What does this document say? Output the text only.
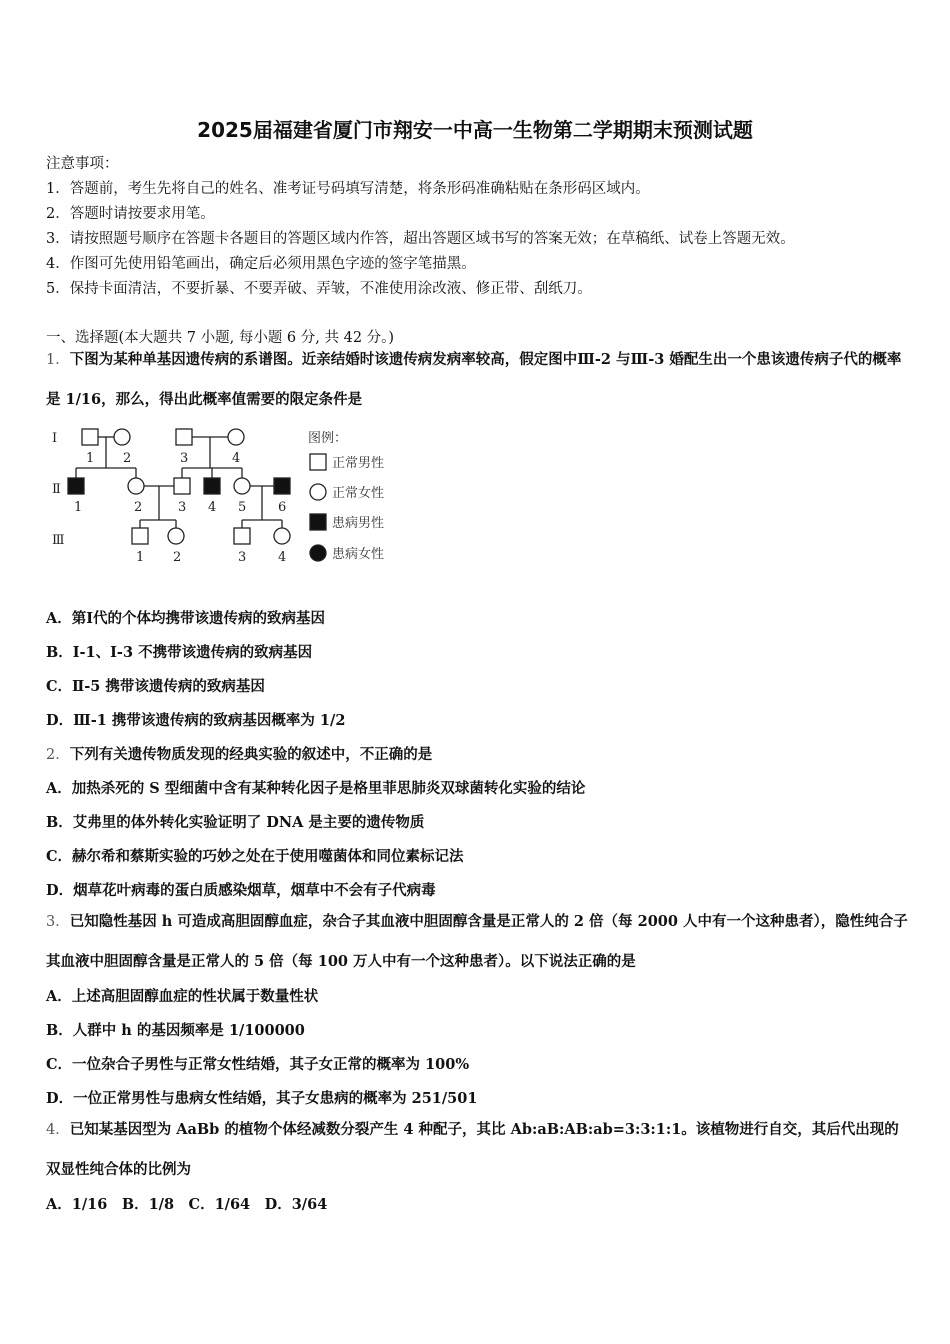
2025届福建省厦门市翔安一中高一生物第二学期期末预测试题
注意事项：
1．答题前，考生先将自己的姓名、准考证号码填写清楚，将条形码准确粘贴在条形码区域内。
2．答题时请按要求用笔。
3．请按照题号顺序在答题卡各题目的答题区域内作答，超出答题区域书写的答案无效；在草稿纸、试卷上答题无效。
4．作图可先使用铅笔画出，确定后必须用黑色字迹的签字笔描黑。
5．保持卡面清洁，不要折暴、不要弄破、弄皱，不准使用涂改液、修正带、刮纸刀。
一、选择题(本大题共 7 小题, 每小题 6 分, 共 42 分。)
1．下图为某种单基因遗传病的系谱图。近亲结婚时该遗传病发病率较高，假定图中Ⅲ-2 与Ⅲ-3 婚配生出一个患该遗传病子代的概率是 1/16，那么，得出此概率值需要的限定条件是
Ⅰ
Ⅱ
Ⅲ
1 2	3	4
1	2	3 4 5 6
1 2	3 4
图例：
正常男性
正常女性
患病男性
患病女性
A．第Ⅰ代的个体均携带该遗传病的致病基因
B．Ⅰ-1、Ⅰ-3 不携带该遗传病的致病基因
C．Ⅱ-5 携带该遗传病的致病基因
D．Ⅲ-1 携带该遗传病的致病基因概率为 1/2
2．下列有关遗传物质发现的经典实验的叙述中，不正确的是
A．加热杀死的 S 型细菌中含有某种转化因子是格里菲思肺炎双球菌转化实验的结论
B．艾弗里的体外转化实验证明了 DNA 是主要的遗传物质
C．赫尔希和蔡斯实验的巧妙之处在于使用噬菌体和同位素标记法
D．烟草花叶病毒的蛋白质感染烟草，烟草中不会有子代病毒
3．已知隐性基因 h 可造成高胆固醇血症，杂合子其血液中胆固醇含量是正常人的 2 倍（每 2000 人中有一个这种患者），隐性纯合子其血液中胆固醇含量是正常人的 5 倍（每 100 万人中有一个这种患者）。以下说法正确的是
A．上述高胆固醇血症的性状属于数量性状
B．人群中 h 的基因频率是 1/100000
C．一位杂合子男性与正常女性结婚，其子女正常的概率为 100%
D．一位正常男性与患病女性结婚，其子女患病的概率为 251/501
4．已知某基因型为 AaBb 的植物个体经减数分裂产生 4 种配子，其比 Ab:aB:AB:ab=3:3:1:1。该植物进行自交，其后代出现的双显性纯合体的比例为
A．1/16　B．1/8　C．1/64　D．3/64
